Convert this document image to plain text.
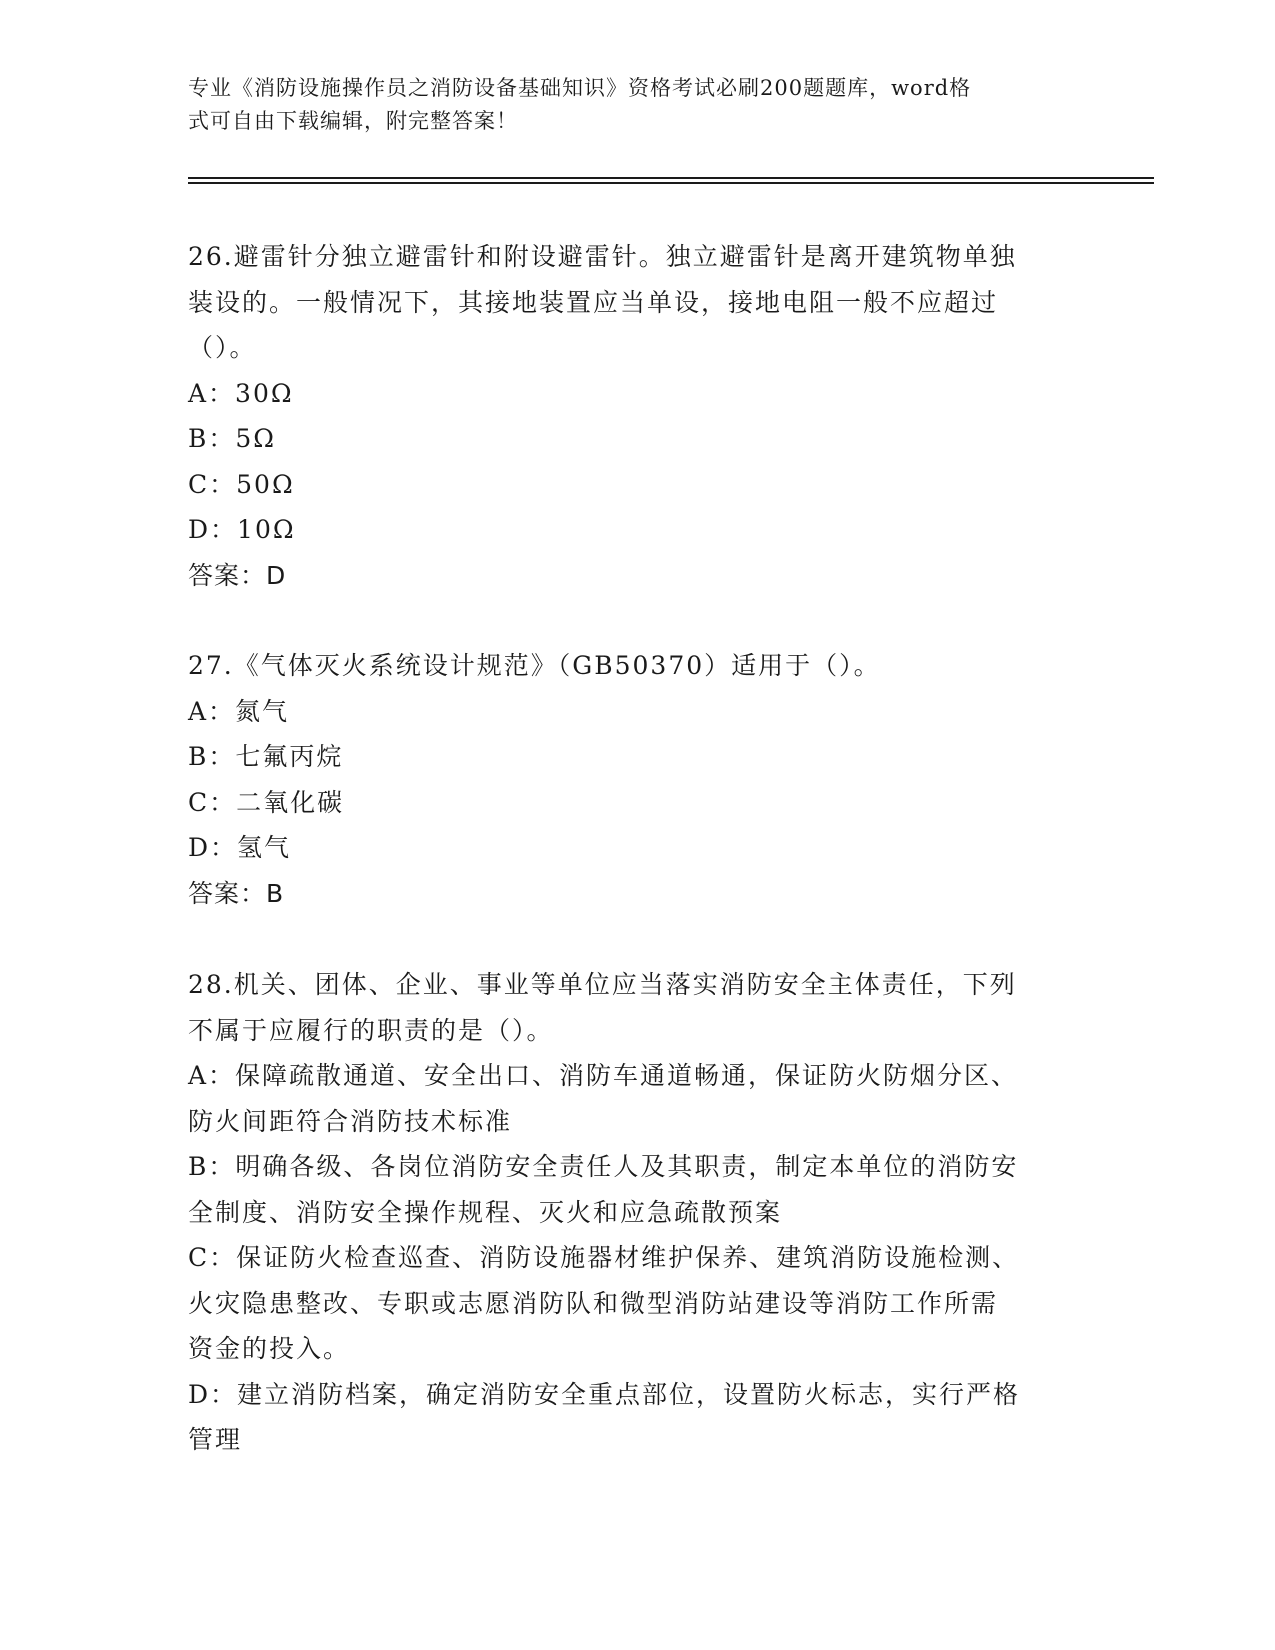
专业《消防设施操作员之消防设备基础知识》资格考试必刷200题题库，word格
式可自由下载编辑，附完整答案！
26.避雷针分独立避雷针和附设避雷针。独立避雷针是离开建筑物单独
装设的。一般情况下，其接地装置应当单设，接地电阻一般不应超过
（）。
A：30Ω
B：5Ω
C：50Ω
D：10Ω
答案：D
27.《气体灭火系统设计规范》（GB50370）适用于（）。
A：氮气
B：七氟丙烷
C：二氧化碳
D：氢气
答案：B
28.机关、团体、企业、事业等单位应当落实消防安全主体责任，下列
不属于应履行的职责的是（）。
A：保障疏散通道、安全出口、消防车通道畅通，保证防火防烟分区、
防火间距符合消防技术标准
B：明确各级、各岗位消防安全责任人及其职责，制定本单位的消防安
全制度、消防安全操作规程、灭火和应急疏散预案
C：保证防火检查巡查、消防设施器材维护保养、建筑消防设施检测、
火灾隐患整改、专职或志愿消防队和微型消防站建设等消防工作所需
资金的投入。
D：建立消防档案，确定消防安全重点部位，设置防火标志，实行严格
管理
